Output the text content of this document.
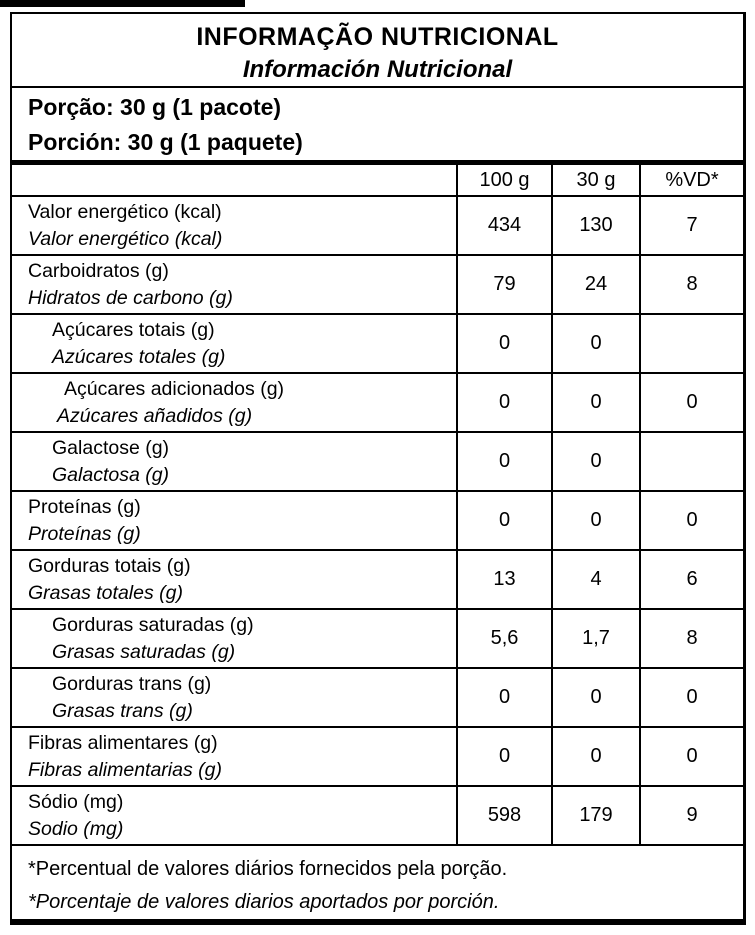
INFORMAÇÃO NUTRICIONAL
Información Nutricional
Porção: 30 g (1 pacote)
Porción: 30 g (1 paquete)
100 g	30 g	%VD*
Valor energético (kcal)
Valor energético (kcal)
434	130	7
Carboidratos (g)
Hidratos de carbono (g)
79	24	8
Açúcares totais (g)
Azúcares totales (g)
0	0
Açúcares adicionados (g)
Azúcares añadidos (g)
0	0	0
Galactose (g)
Galactosa (g)
0	0
Proteínas (g)
Proteínas (g)
0	0	0
Gorduras totais (g)
Grasas totales (g)
13	4	6
Gorduras saturadas (g)
Grasas saturadas (g)
5,6	1,7	8
Gorduras trans (g)
Grasas trans (g)
0	0	0
Fibras alimentares (g)
Fibras alimentarias (g)
0	0	0
Sódio (mg)
Sodio (mg)
598	179	9
*Percentual de valores diários fornecidos pela porção.
*Porcentaje de valores diarios aportados por porción.
